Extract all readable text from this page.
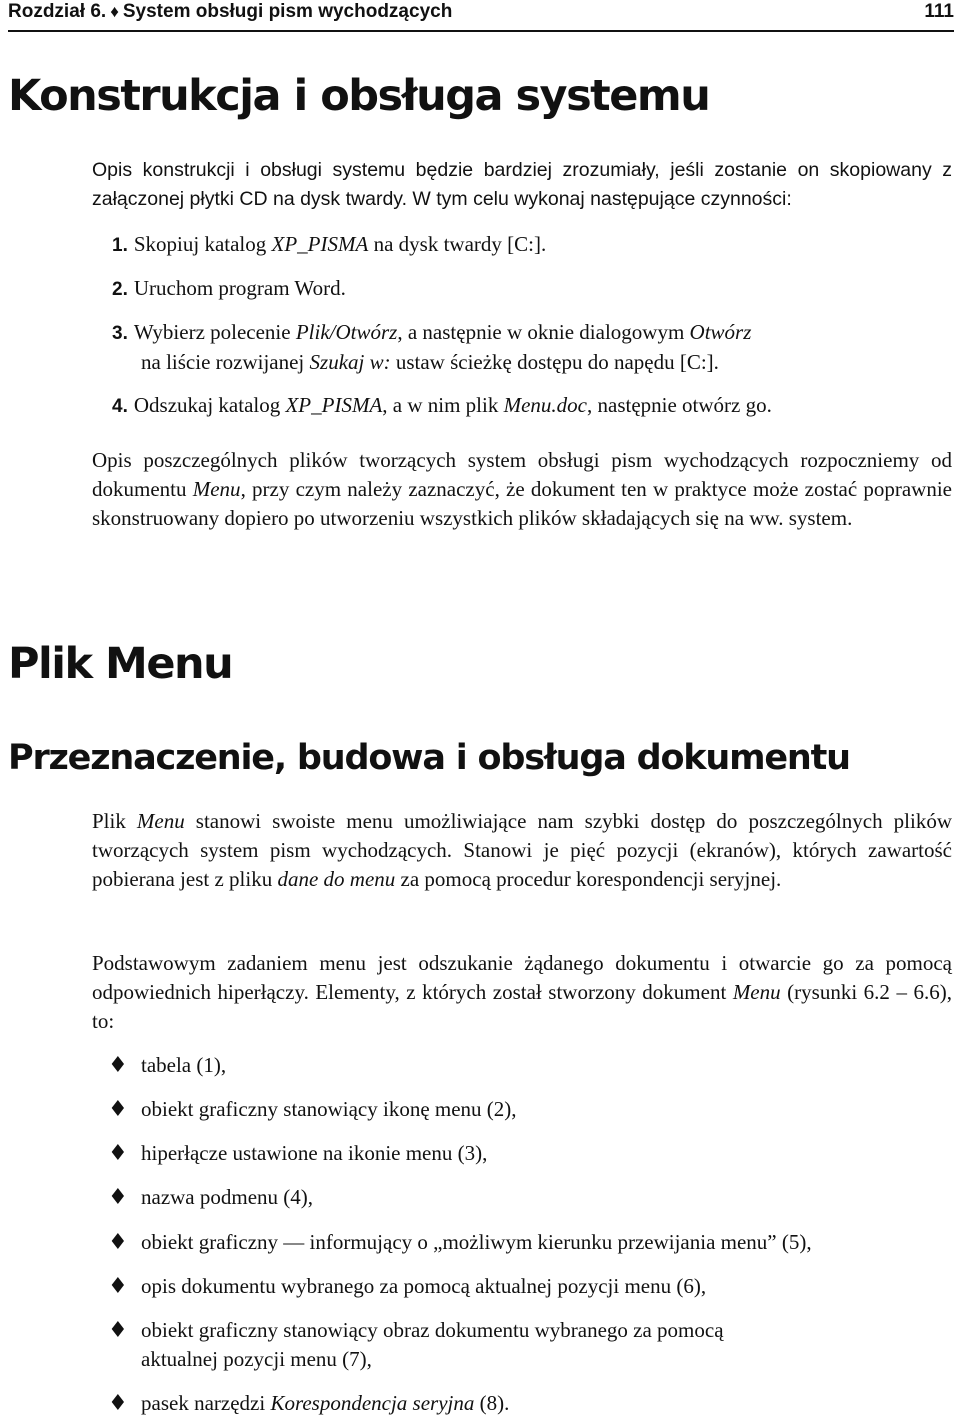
Rozdział 6. ♦ System obsługi pism wychodzących	111
Konstrukcja i obsługa systemu

Opis konstrukcji i obsługi systemu będzie bardziej zrozumiały, jeśli zostanie on skopiowany z załączonej płytki CD na dysk twardy. W tym celu wykonaj następujące czynności:

1. Skopiuj katalog XP_PISMA na dysk twardy [C:].
2. Uruchom program Word.
3. Wybierz polecenie Plik/Otwórz, a następnie w oknie dialogowym Otwórz
na liście rozwijanej Szukaj w: ustaw ścieżkę dostępu do napędu [C:].
4. Odszukaj katalog XP_PISMA, a w nim plik Menu.doc, następnie otwórz go.

Opis poszczególnych plików tworzących system obsługi pism wychodzących rozpoczniemy od dokumentu Menu, przy czym należy zaznaczyć, że dokument ten w praktyce może zostać poprawnie skonstruowany dopiero po utworzeniu wszystkich plików składających się na ww. system.

Plik Menu
Przeznaczenie, budowa i obsługa dokumentu

Plik Menu stanowi swoiste menu umożliwiające nam szybki dostęp do poszczególnych plików tworzących system pism wychodzących. Stanowi je pięć pozycji (ekranów), których zawartość pobierana jest z pliku dane do menu za pomocą procedur korespondencji seryjnej.

Podstawowym zadaniem menu jest odszukanie żądanego dokumentu i otwarcie go za pomocą odpowiednich hiperłączy. Elementy, z których został stworzony dokument Menu (rysunki 6.2 – 6.6), to:

♦ tabela (1),
♦ obiekt graficzny stanowiący ikonę menu (2),
♦ hiperłącze ustawione na ikonie menu (3),
♦ nazwa podmenu (4),
♦ obiekt graficzny — informujący o „możliwym kierunku przewijania menu” (5),
♦ opis dokumentu wybranego za pomocą aktualnej pozycji menu (6),
♦ obiekt graficzny stanowiący obraz dokumentu wybranego za pomocą
aktualnej pozycji menu (7),
♦ pasek narzędzi Korespondencja seryjna (8).
